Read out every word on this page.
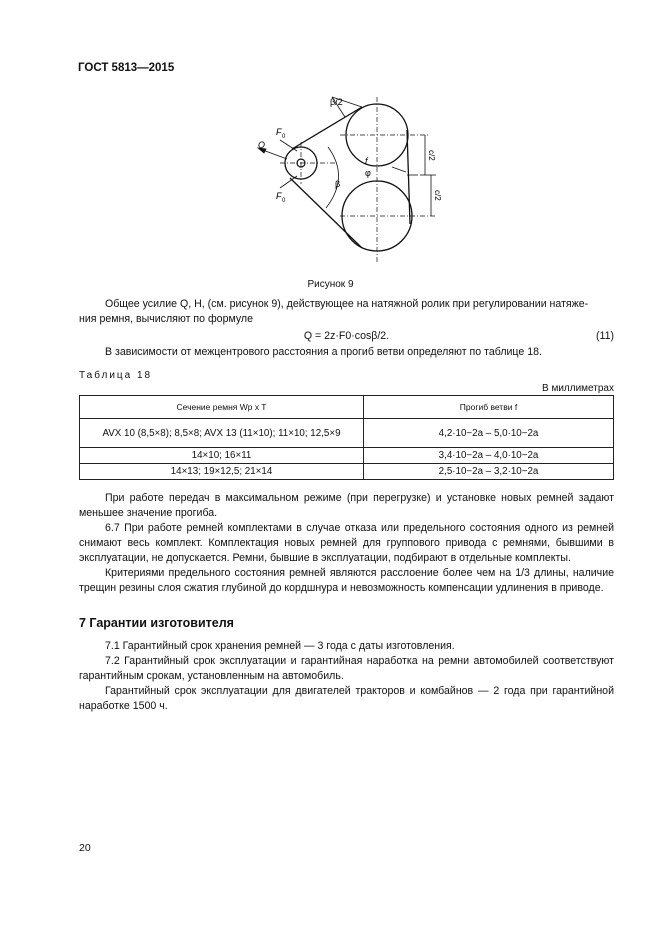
ГОСТ 5813—2015
Q
F 0
F 0
β/2
β
f
φ
c/2
c/2
Рисунок 9

Общее усилие Q, H, (см. рисунок 9), действующее на натяжной ролик при регулировании натяже-

ния ремня, вычисляют по формуле

Q = 2z·F0·cosβ/2.	(11)

В зависимости от межцентрового расстояния a прогиб ветви определяют по таблице 18.

Таблица 18
В миллиметрах
Сечение ремня Wp x T	Прогиб ветви f
AVX 10 (8,5×8); 8,5×8; AVX 13 (11×10); 11×10; 12,5×9	4,2·10−2a – 5,0·10−2a
14×10; 16×11	3,4·10−2a – 4,0·10−2a
14×13; 19×12,5; 21×14	2,5·10−2a – 3,2·10−2a

При работе передач в максимальном режиме (при перегрузке) и установке новых ремней задают меньшее значение прогиба.

6.7 При работе ремней комплектами в случае отказа или предельного состояния одного из ремней снимают весь комплект. Комплектация новых ремней для группового привода с ремнями, бывшими в эксплуатации, не допускается. Ремни, бывшие в эксплуатации, подбирают в отдельные комплекты.

Критериями предельного состояния ремней являются расслоение более чем на 1/3 длины, наличие трещин резины слоя сжатия глубиной до кордшнура и невозможность компенсации удлинения в приводе.

7 Гарантии изготовителя

7.1 Гарантийный срок хранения ремней — 3 года с даты изготовления.

7.2 Гарантийный срок эксплуатации и гарантийная наработка на ремни автомобилей соответствуют гарантийным срокам, установленным на автомобиль.

Гарантийный срок эксплуатации для двигателей тракторов и комбайнов — 2 года при гарантийной наработке 1500 ч.

20
